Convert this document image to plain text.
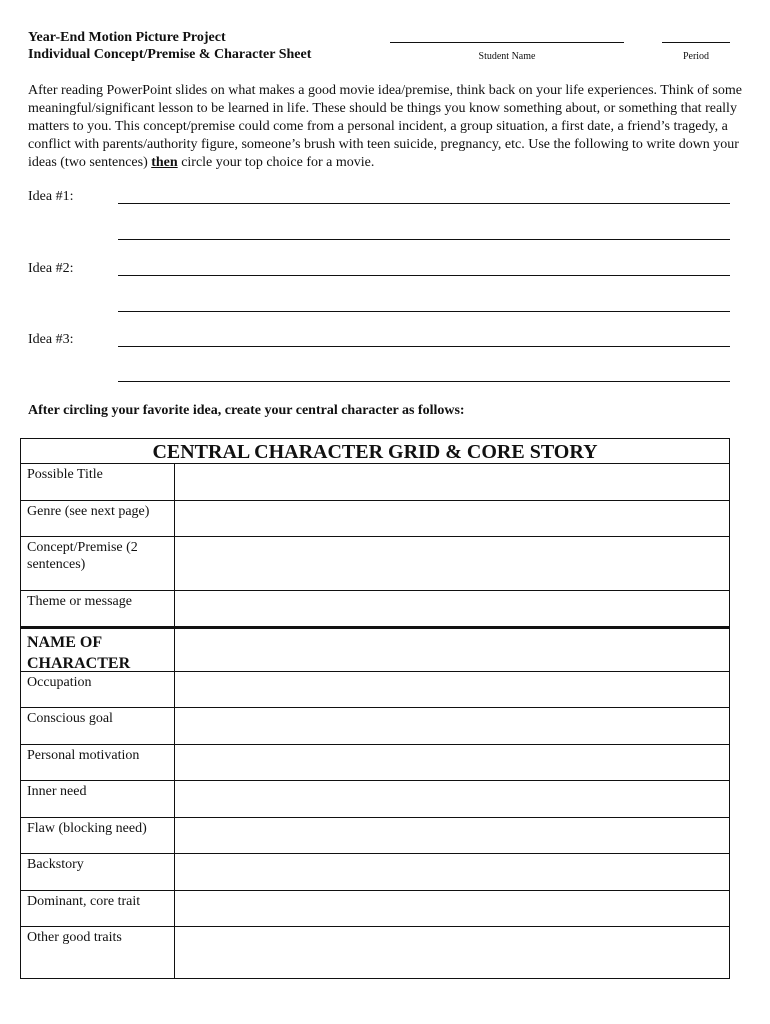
Year-End Motion Picture Project
Individual Concept/Premise & Character Sheet	Student Name	Period
After reading PowerPoint slides on what makes a good movie idea/premise, think back on your life experiences. Think of some meaningful/significant lesson to be learned in life. These should be things you know something about, or something that really matters to you. This concept/premise could come from a personal incident, a group situation, a first date, a friend’s tragedy, a conflict with parents/authority figure, someone’s brush with teen suicide, pregnancy, etc. Use the following to write down your ideas (two sentences) then circle your top choice for a movie.
Idea #1:
Idea #2:
Idea #3:
After circling your favorite idea, create your central character as follows:
CENTRAL CHARACTER GRID & CORE STORY
Possible Title
Genre (see next page)
Concept/Premise (2 sentences)
Theme or message
NAME OF CHARACTER
Occupation
Conscious goal
Personal motivation
Inner need
Flaw (blocking need)
Backstory
Dominant, core trait
Other good traits
